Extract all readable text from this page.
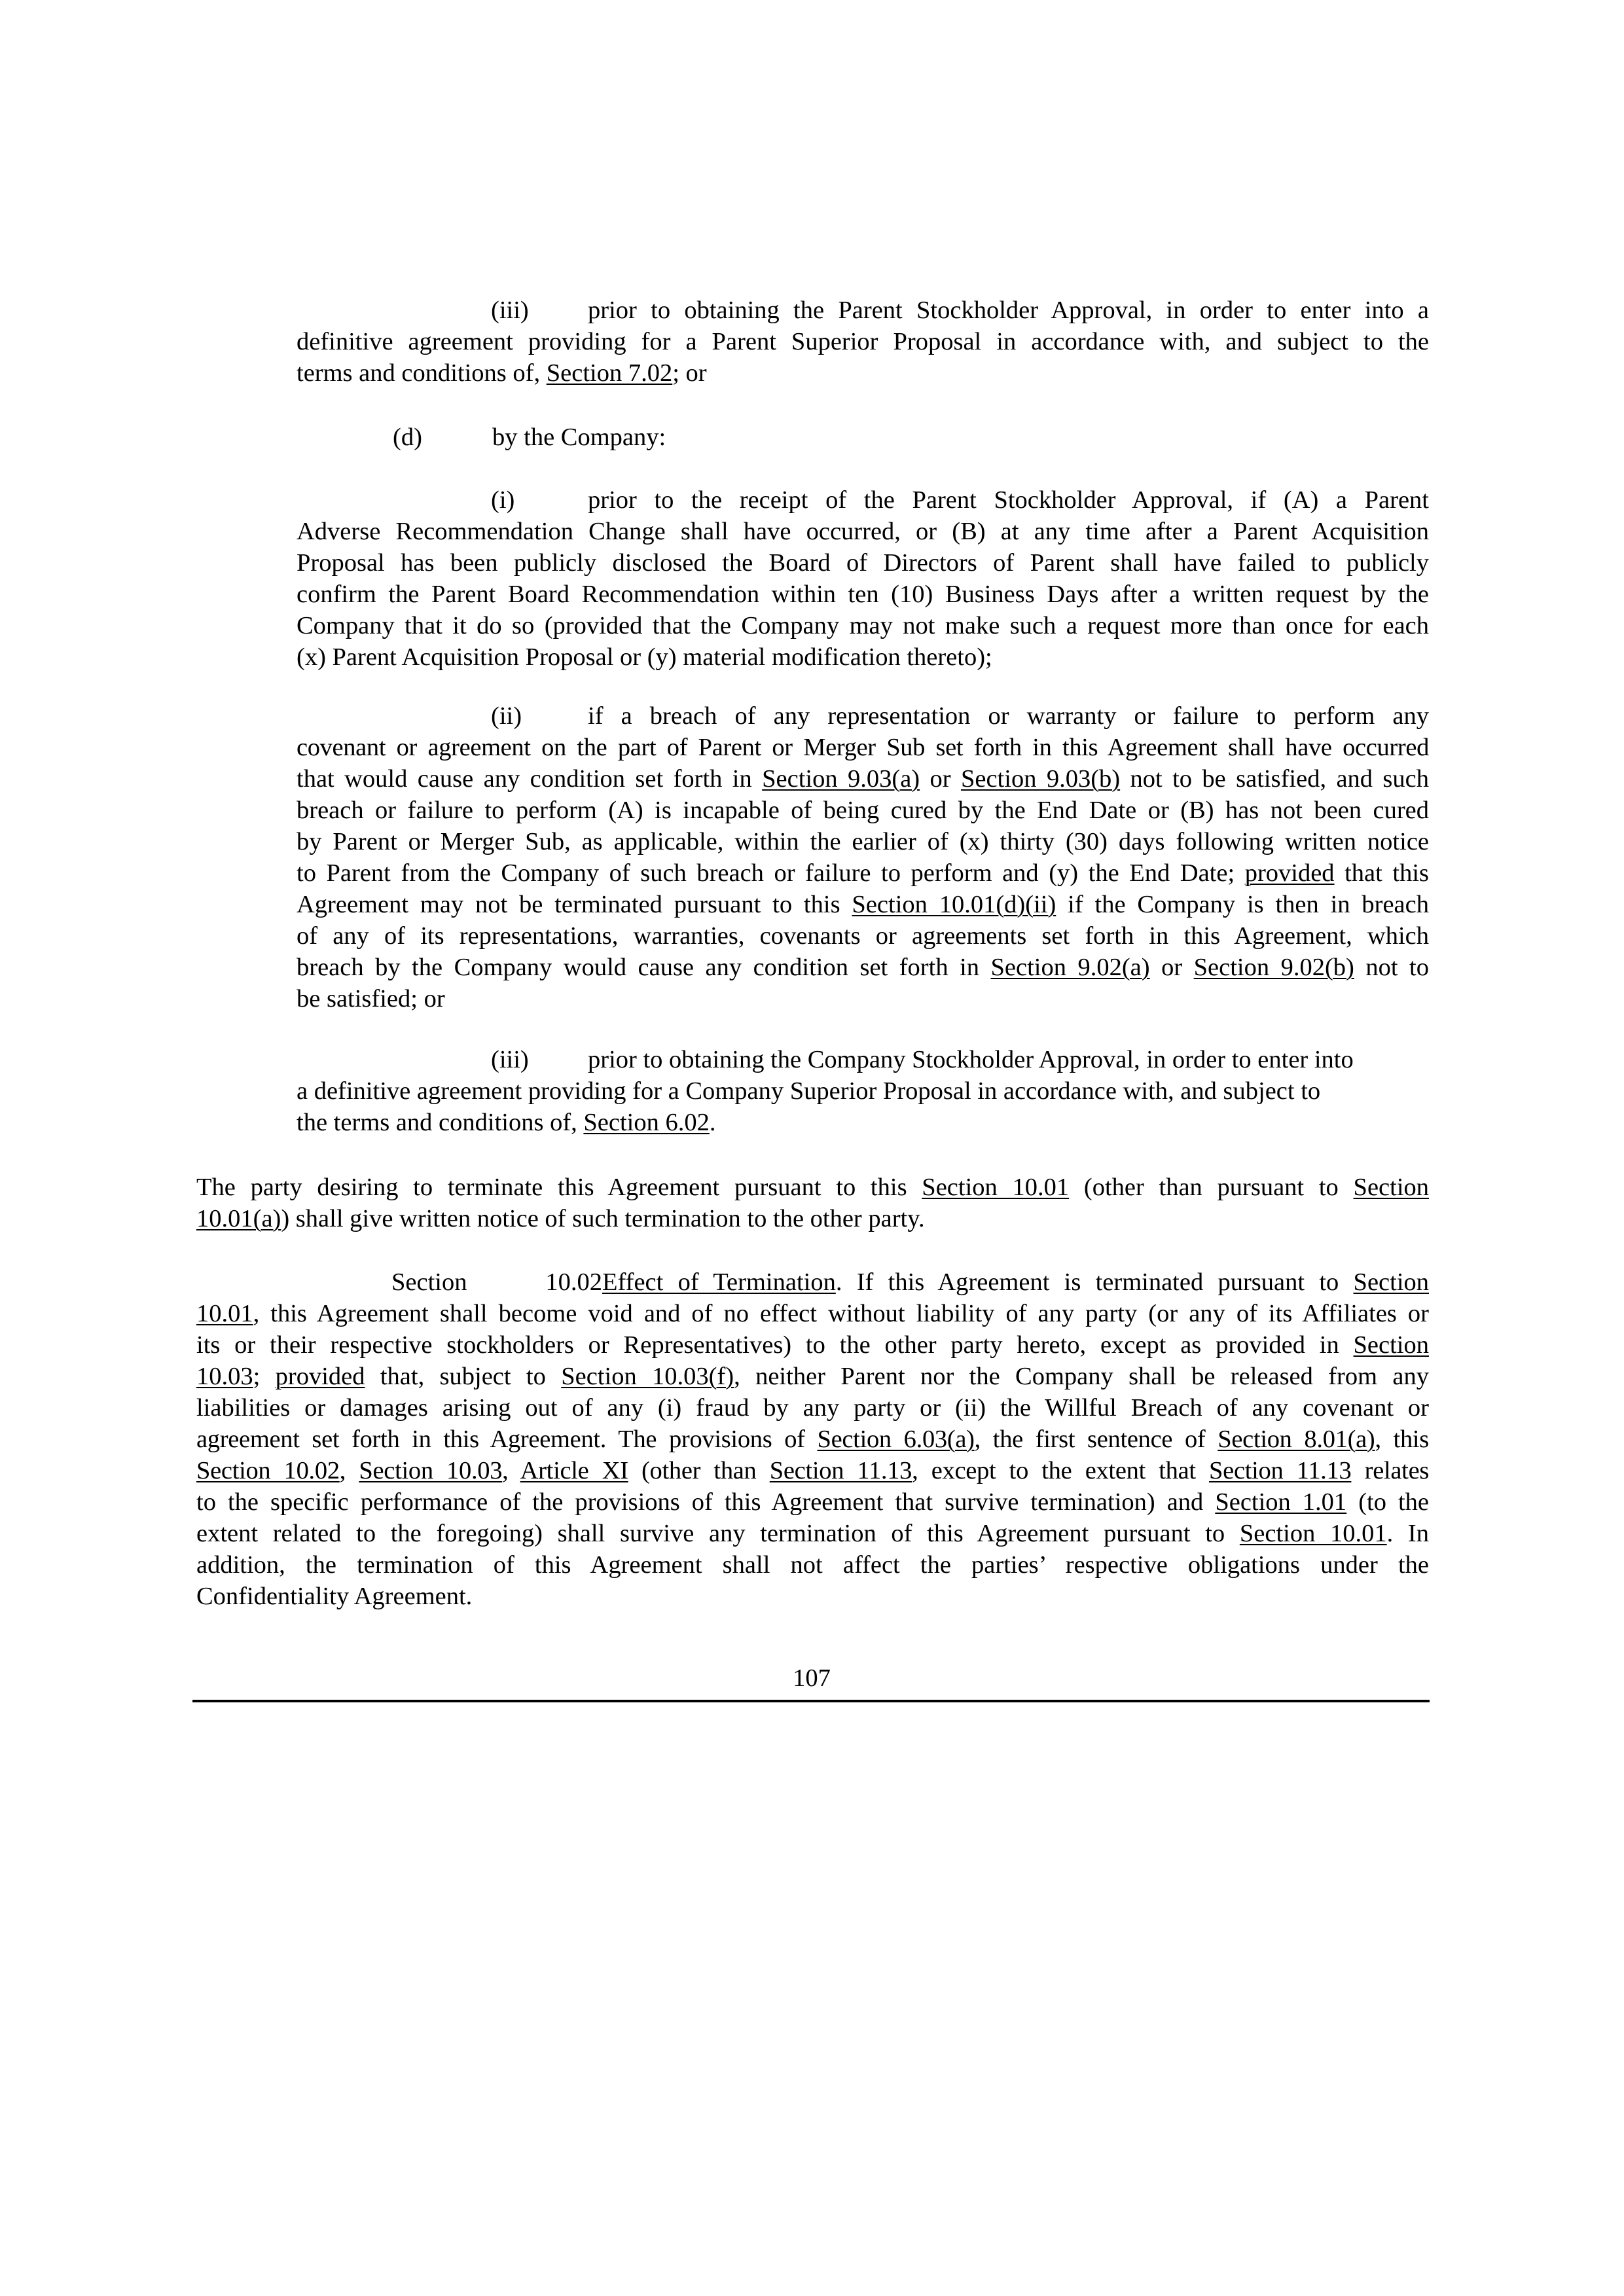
(iii) prior to obtaining the Parent Stockholder Approval, in order to enter into a
definitive agreement providing for a Parent Superior Proposal in accordance with, and subject to the
terms and conditions of, Section 7.02; or
(d)	by the Company:
(i)	prior to the receipt of the Parent Stockholder Approval, if (A) a Parent
Adverse Recommendation Change shall have occurred, or (B) at any time after a Parent Acquisition
Proposal has been publicly disclosed the Board of Directors of Parent shall have failed to publicly
confirm the Parent Board Recommendation within ten (10) Business Days after a written request by the
Company that it do so (provided that the Company may not make such a request more than once for each
(x) Parent Acquisition Proposal or (y) material modification thereto);
(ii)	if a breach of any representation or warranty or failure to perform any
covenant or agreement on the part of Parent or Merger Sub set forth in this Agreement shall have occurred
that would cause any condition set forth in Section 9.03(a) or Section 9.03(b) not to be satisfied, and such
breach or failure to perform (A) is incapable of being cured by the End Date or (B) has not been cured
by Parent or Merger Sub, as applicable, within the earlier of (x) thirty (30) days following written notice
to Parent from the Company of such breach or failure to perform and (y) the End Date; provided that this
Agreement may not be terminated pursuant to this Section 10.01(d)(ii) if the Company is then in breach
of any of its representations, warranties, covenants or agreements set forth in this Agreement, which
breach by the Company would cause any condition set forth in Section 9.02(a) or Section 9.02(b) not to
be satisfied; or
(iii) prior to obtaining the Company Stockholder Approval, in order to enter into
a definitive agreement providing for a Company Superior Proposal in accordance with, and subject to
the terms and conditions of, Section 6.02.
The party desiring to terminate this Agreement pursuant to this Section 10.01 (other than pursuant to Section
10.01(a)) shall give written notice of such termination to the other party.
Section 10.02Effect of Termination. If this Agreement is terminated pursuant to Section
10.01, this Agreement shall become void and of no effect without liability of any party (or any of its Affiliates or
its or their respective stockholders or Representatives) to the other party hereto, except as provided in Section
10.03; provided that, subject to Section 10.03(f), neither Parent nor the Company shall be released from any
liabilities or damages arising out of any (i) fraud by any party or (ii) the Willful Breach of any covenant or
agreement set forth in this Agreement. The provisions of Section 6.03(a), the first sentence of Section 8.01(a), this
Section 10.02, Section 10.03, Article XI (other than Section 11.13, except to the extent that Section 11.13 relates
to the specific performance of the provisions of this Agreement that survive termination) and Section 1.01 (to the
extent related to the foregoing) shall survive any termination of this Agreement pursuant to Section 10.01. In
addition, the termination of this Agreement shall not affect the parties’ respective obligations under the
Confidentiality Agreement.
107
